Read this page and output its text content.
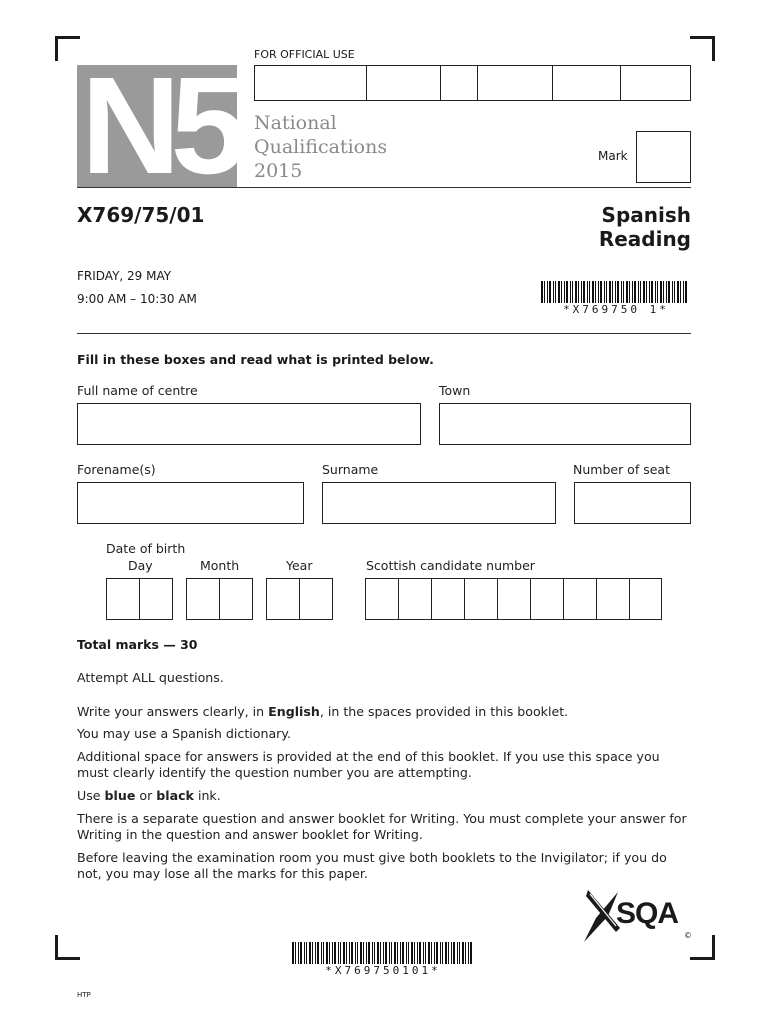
FOR OFFICIAL USE
N5 National
Qualifications
2015
Mark
X769/75/01	Spanish
Reading
FRIDAY, 29 MAY
9:00 AM – 10:30 AM
*X769750 1*
Fill in these boxes and read what is printed below.
Full name of centre	Town
Forename(s)	Surname	Number of seat
Date of birth
Day	Month	Year	Scottish candidate number
Total marks — 30
Attempt ALL questions.
Write your answers clearly, in English, in the spaces provided in this booklet.
You may use a Spanish dictionary.
Additional space for answers is provided at the end of this booklet. If you use this space you must clearly identify the question number you are attempting.
Use blue or black ink.
There is a separate question and answer booklet for Writing. You must complete your answer for Writing in the question and answer booklet for Writing.
Before leaving the examination room you must give both booklets to the Invigilator; if you do not, you may lose all the marks for this paper.
SQA
©
*X769750101*
HTP
